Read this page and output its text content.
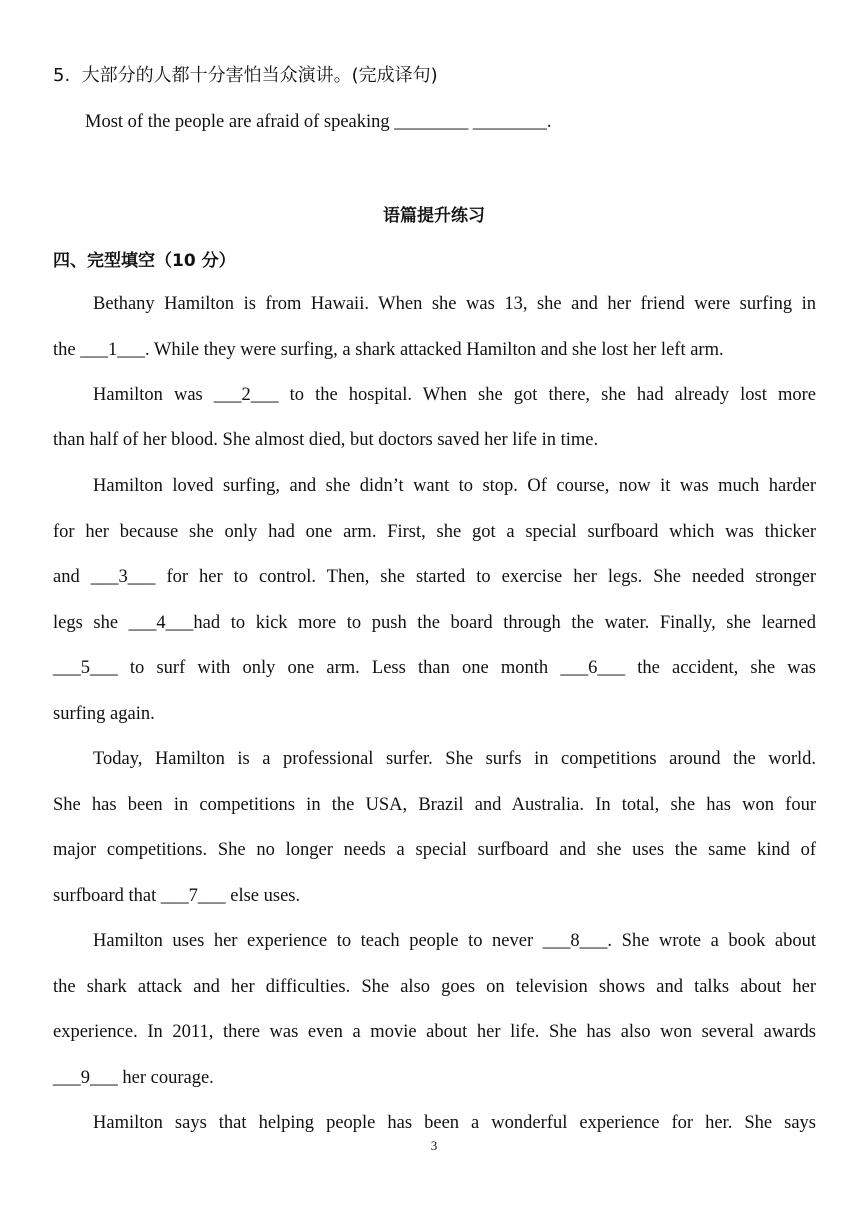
5. 大部分的人都十分害怕当众演讲。(完成译句)
Most of the people are afraid of speaking ________ ________.
语篇提升练习
四、完型填空（10 分）
Bethany Hamilton is from Hawaii. When she was 13, she and her friend were surfing in
the ___1___. While they were surfing, a shark attacked Hamilton and she lost her left arm.
Hamilton was ___2___ to the hospital. When she got there, she had already lost more
than half of her blood. She almost died, but doctors saved her life in time.
Hamilton loved surfing, and she didn’t want to stop. Of course, now it was much harder
for her because she only had one arm. First, she got a special surfboard which was thicker
and ___3___ for her to control. Then, she started to exercise her legs. She needed stronger
legs she ___4___had to kick more to push the board through the water. Finally, she learned
___5___ to surf with only one arm. Less than one month ___6___ the accident, she was
surfing again.
Today, Hamilton is a professional surfer. She surfs in competitions around the world.
She has been in competitions in the USA, Brazil and Australia. In total, she has won four
major competitions. She no longer needs a special surfboard and she uses the same kind of
surfboard that ___7___ else uses.
Hamilton uses her experience to teach people to never ___8___. She wrote a book about
the shark attack and her difficulties. She also goes on television shows and talks about her
experience. In 2011, there was even a movie about her life. She has also won several awards
___9___ her courage.
Hamilton says that helping people has been a wonderful experience for her. She says
3
